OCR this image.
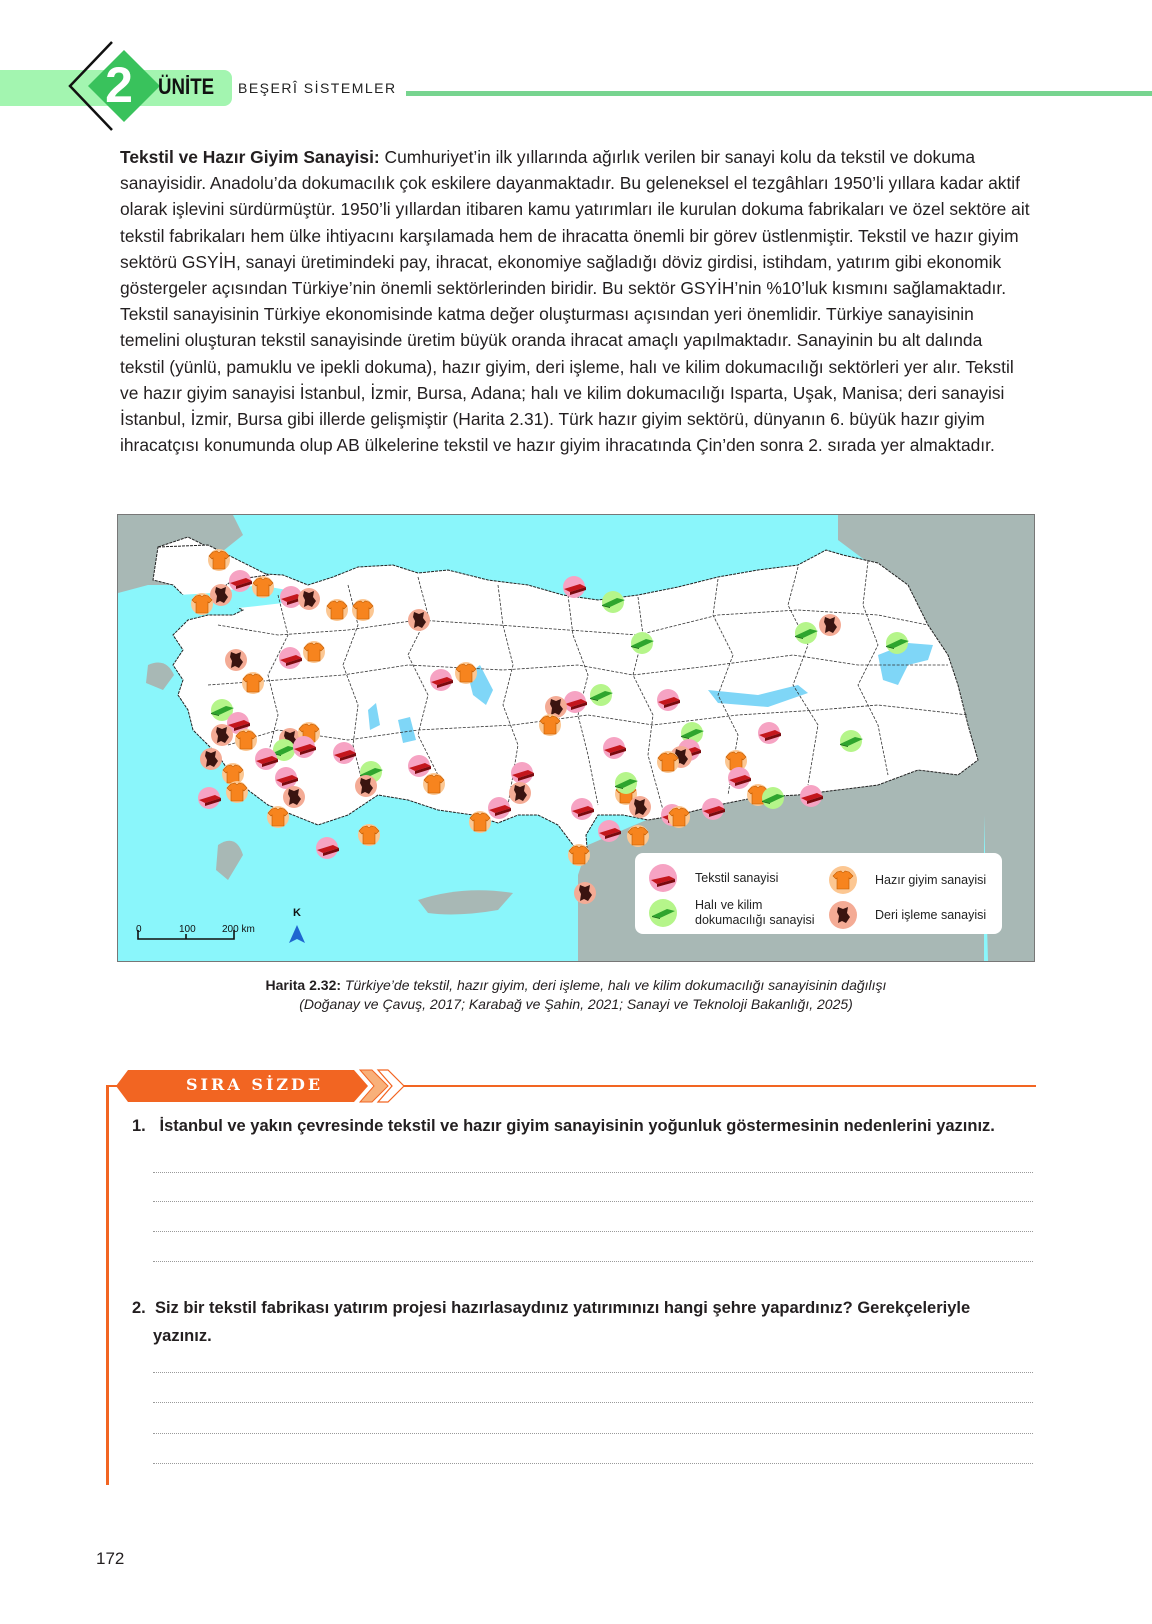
2	ÜNİTE BEŞERÎ SİSTEMLER

Tekstil ve Hazır Giyim Sanayisi: Cumhuriyet’in ilk yıllarında ağırlık verilen bir sanayi kolu da tekstil ve dokuma sanayisidir. Anadolu’da dokumacılık çok eskilere dayanmaktadır. Bu geleneksel el tezgâhları 1950’li yıllara kadar aktif olarak işlevini sürdürmüştür. 1950’li yıllardan itibaren kamu yatırımları ile kurulan dokuma fabrikaları ve özel sektöre ait tekstil fabrikaları hem ülke ihtiyacını karşılamada hem de ihracatta önemli bir görev üstlenmiştir. Tekstil ve hazır giyim sektörü GSYİH, sanayi üretimindeki pay, ihracat, ekonomiye sağladığı döviz girdisi, istihdam, yatırım gibi ekonomik göstergeler açısından Türkiye’nin önemli sektörlerinden biridir. Bu sektör GSYİH’nin %10’luk kısmını sağlamaktadır. Tekstil sanayisinin Türkiye ekonomisinde katma değer oluşturması açısından yeri önemlidir. Türkiye sanayisinin temelini oluşturan tekstil sanayisinde üretim büyük oranda ihracat amaçlı yapılmaktadır. Sanayinin bu alt dalında tekstil (yünlü, pamuklu ve ipekli dokuma), hazır giyim, deri işleme, halı ve kilim dokumacılığı sektörleri yer alır. Tekstil ve hazır giyim sanayisi İstanbul, İzmir, Bursa, Adana; halı ve kilim dokumacılığı Isparta, Uşak, Manisa; deri sanayisi İstanbul, İzmir, Bursa gibi illerde gelişmiştir (Harita 2.31). Türk hazır giyim sektörü, dünyanın 6. büyük hazır giyim ihracatçısı konumunda olup AB ülkelerine tekstil ve hazır giyim ihracatında Çin’den sonra 2. sırada yer almaktadır.

Tekstil sanayisi	Hazır giyim sanayisi
Halı ve kilim
dokumacılığı sanayisi	Deri işleme sanayisi
0	100	200 km
K
Harita 2.32: Türkiye’de tekstil, hazır giyim, deri işleme, halı ve kilim dokumacılığı sanayisinin dağılışı
(Doğanay ve Çavuş, 2017; Karabağ ve Şahin, 2021; Sanayi ve Teknoloji Bakanlığı, 2025)
SIRA SİZDE
1. İstanbul ve yakın çevresinde tekstil ve hazır giyim sanayisinin yoğunluk göstermesinin nedenlerini yazınız.
2. Siz bir tekstil fabrikası yatırım projesi hazırlasaydınız yatırımınızı hangi şehre yapardınız? Gerekçeleriyle
yazınız.
172
